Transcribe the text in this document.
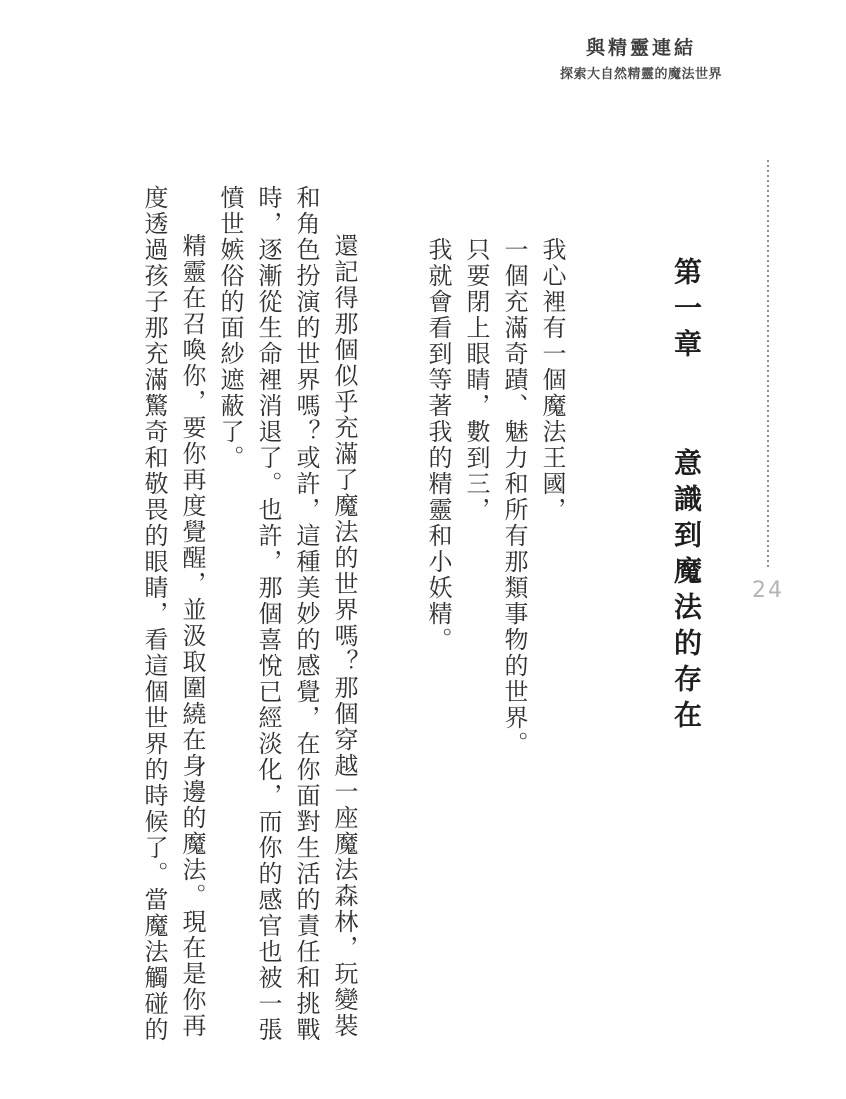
與精靈連結
探索大自然精靈的魔法世界
24
第一章 意識到魔法的存在
我心裡有一個魔法王國，
一個充滿奇蹟、魅力和所有那類事物的世界。
只要閉上眼睛，數到三，
我就會看到等著我的精靈和小妖精。

還記得那個似乎充滿了魔法的世界嗎？那個穿越一座魔法森林，玩變裝和角色扮演的世界嗎？或許，這種美妙的感覺，在你面對生活的責任和挑戰時，逐漸從生命裡消退了。也許，那個喜悅已經淡化，而你的感官也被一張憤世嫉俗的面紗遮蔽了。

精靈在召喚你，要你再度覺醒，並汲取圍繞在身邊的魔法。現在是你再度透過孩子那充滿驚奇和敬畏的眼睛，看這個世界的時候了。當魔法觸碰的
